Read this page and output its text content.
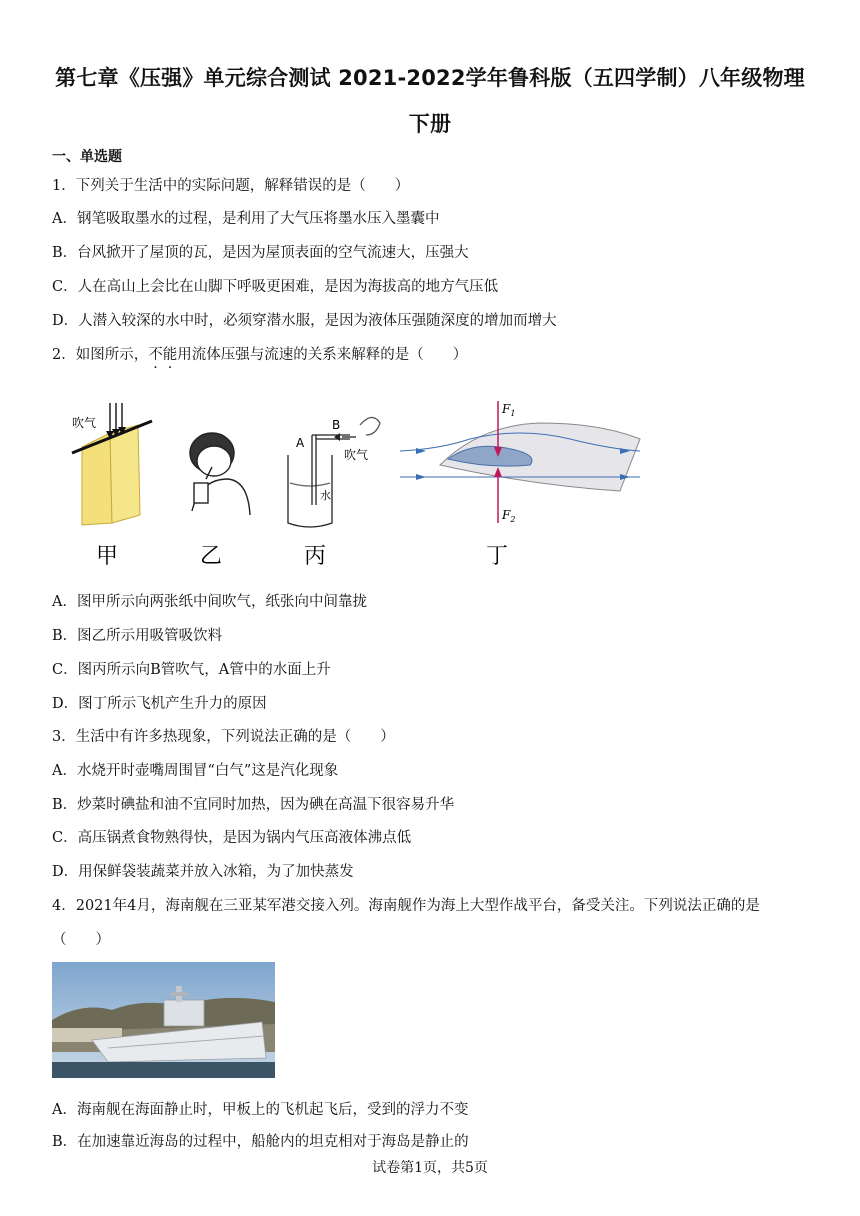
第七章《压强》单元综合测试 2021-2022学年鲁科版（五四学制）八年级物理
下册
一、单选题
1．下列关于生活中的实际问题，解释错误的是（　　）
A．钢笔吸取墨水的过程，是利用了大气压将墨水压入墨囊中
B．台风掀开了屋顶的瓦，是因为屋顶表面的空气流速大，压强大
C．人在高山上会比在山脚下呼吸更困难，是因为海拔高的地方气压低
D．人潜入较深的水中时，必须穿潜水服，是因为液体压强随深度的增加而增大
2．如图所示，不能用流体压强与流速的关系来解释的是（　　）
吹气
甲	乙
A
B
吹气
水
丙
$F_1$
$F_2$
丁
A．图甲所示向两张纸中间吹气，纸张向中间靠拢
B．图乙所示用吸管吸饮料
C．图丙所示向B管吹气，A管中的水面上升
D．图丁所示飞机产生升力的原因
3．生活中有许多热现象，下列说法正确的是（　　）
A．水烧开时壶嘴周围冒“白气”这是汽化现象
B．炒菜时碘盐和油不宜同时加热，因为碘在高温下很容易升华
C．高压锅煮食物熟得快，是因为锅内气压高液体沸点低
D．用保鲜袋装蔬菜并放入冰箱，为了加快蒸发
4．2021年4月，海南舰在三亚某军港交接入列。海南舰作为海上大型作战平台，备受关注。下列说法正确的是
（　　）
A．海南舰在海面静止时，甲板上的飞机起飞后，受到的浮力不变
B．在加速靠近海岛的过程中，船舱内的坦克相对于海岛是静止的
试卷第1页，共5页
